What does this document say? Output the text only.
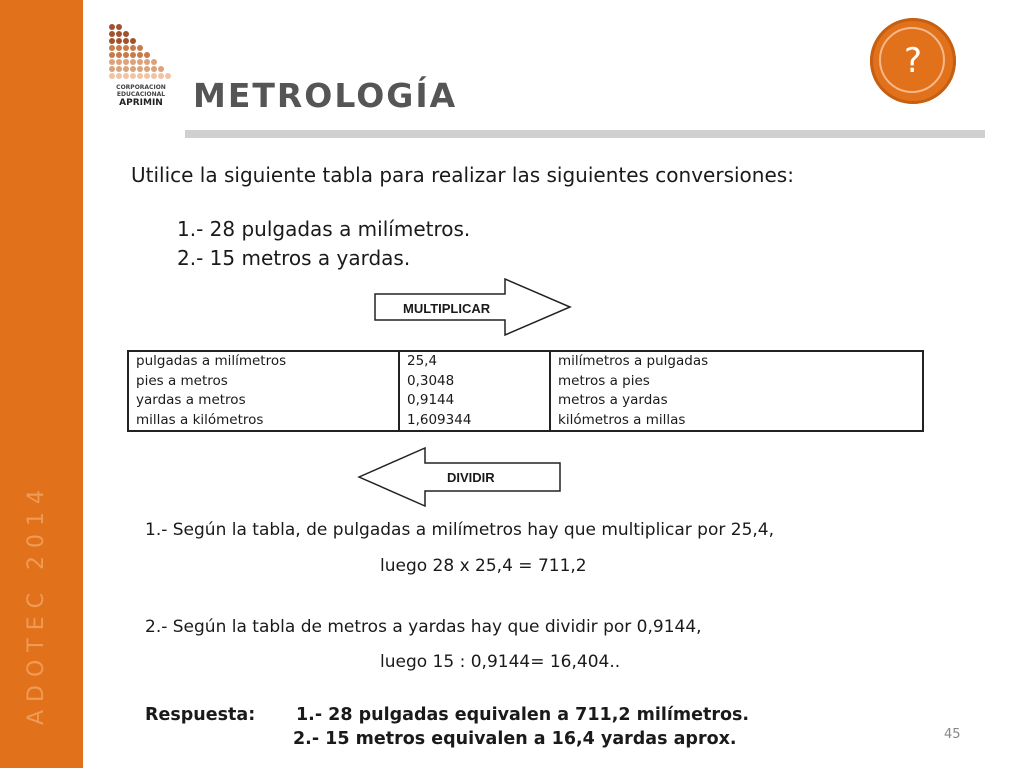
ADOTEC 2014
CORPORACION
EDUCACIONAL
APRIMIN METROLOGÍA
?
Utilice la siguiente tabla para realizar las siguientes conversiones:
1.- 28 pulgadas a milímetros.
2.- 15 metros a yardas.
MULTIPLICAR
pulgadas a milímetros	25,4	milímetros a pulgadas
pies a metros	0,3048	metros a pies
yardas a metros	0,9144	metros a yardas
millas a kilómetros	1,609344	kilómetros a millas
DIVIDIR
1.- Según la tabla, de pulgadas a milímetros hay que multiplicar por 25,4,
luego 28 x 25,4 = 711,2
2.- Según la tabla de metros a yardas hay que dividir por 0,9144,
luego 15 : 0,9144= 16,404..
Respuesta: 1.- 28 pulgadas equivalen a 711,2 milímetros.
2.- 15 metros equivalen a 16,4 yardas aprox.	45
